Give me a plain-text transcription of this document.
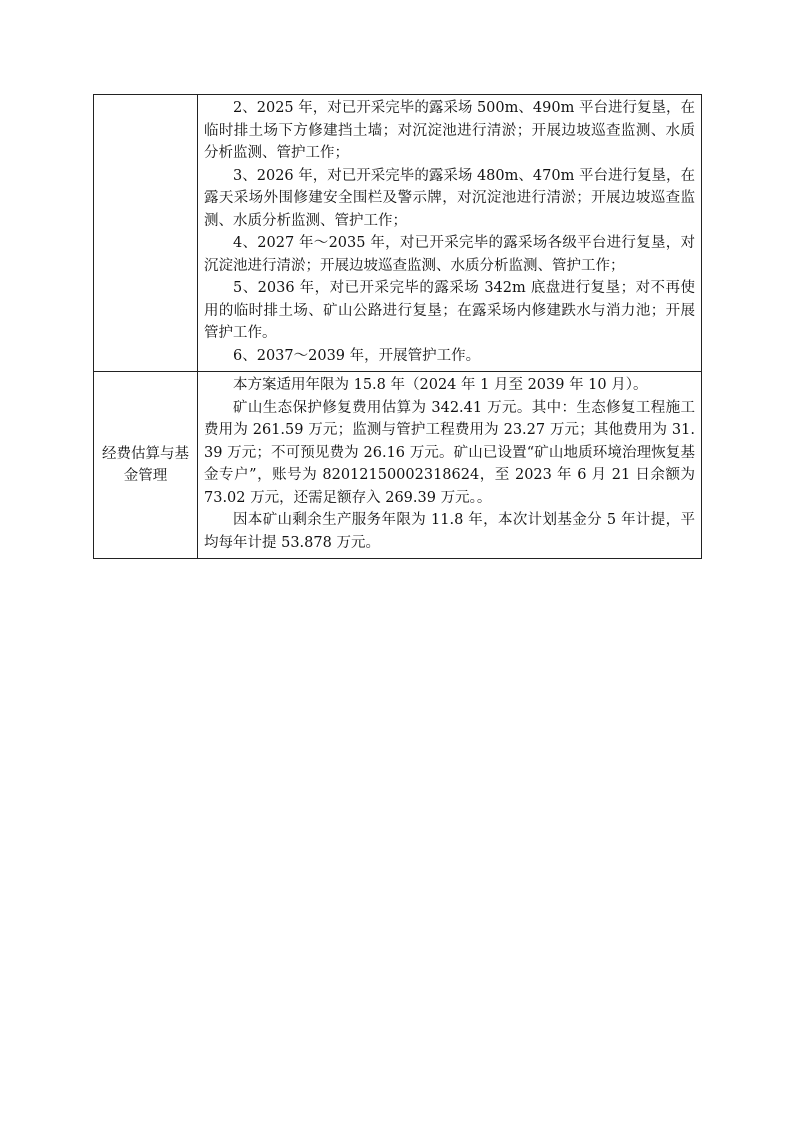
	2、2025 年，对已开采完毕的露采场 500m、490m 平台进行复垦，在临时排土场下方修建挡土墙；对沉淀池进行清淤；开展边坡巡查监测、水质分析监测、管护工作；

3、2026 年，对已开采完毕的露采场 480m、470m 平台进行复垦，在露天采场外围修建安全围栏及警示牌，对沉淀池进行清淤；开展边坡巡查监测、水质分析监测、管护工作；

4、2027 年～2035 年，对已开采完毕的露采场各级平台进行复垦，对沉淀池进行清淤；开展边坡巡查监测、水质分析监测、管护工作；

5、2036 年，对已开采完毕的露采场 342m 底盘进行复垦；对不再使用的临时排土场、矿山公路进行复垦；在露采场内修建跌水与消力池；开展管护工作。

6、2037～2039 年，开展管护工作。

经费估算与基金管理	本方案适用年限为 15.8 年（2024 年 1 月至 2039 年 10 月）。

矿山生态保护修复费用估算为 342.41 万元。其中：生态修复工程施工费用为 261.59 万元；监测与管护工程费用为 23.27 万元；其他费用为 31.39 万元；不可预见费为 26.16 万元。矿山已设置“矿山地质环境治理恢复基金专户”，账号为 82012150002318624，至 2023 年 6 月 21 日余额为 73.02 万元，还需足额存入 269.39 万元。。

因本矿山剩余生产服务年限为 11.8 年，本次计划基金分 5 年计提，平均每年计提 53.878 万元。
